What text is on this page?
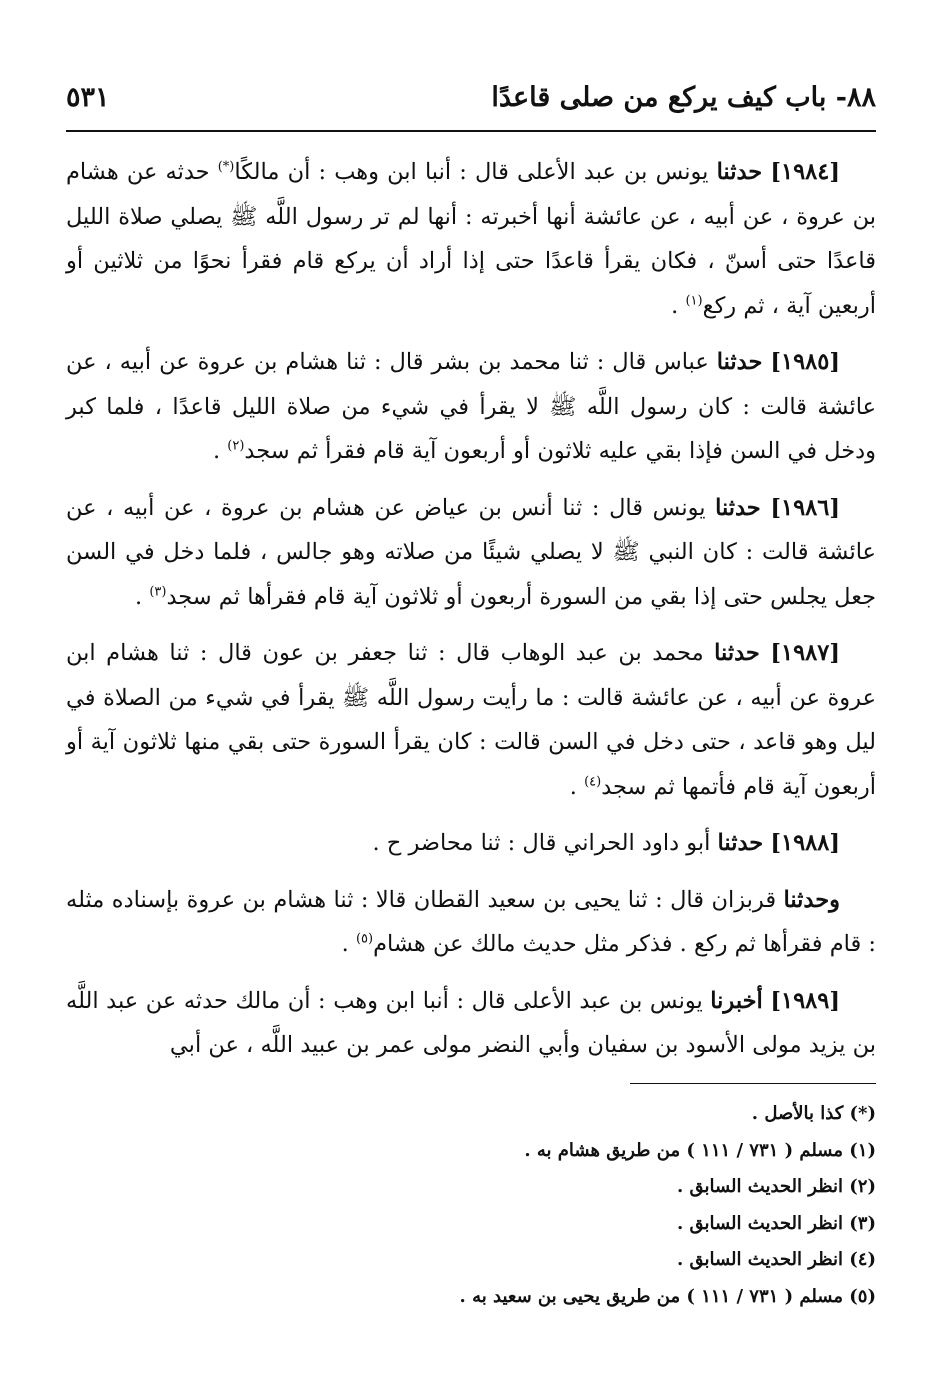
٨٨- باب كيف يركع من صلى قاعدًا
٥٣١

[١٩٨٤] حدثنا يونس بن عبد الأعلى قال : أنبا ابن وهب : أن مالكًا(*) حدثه عن هشام بن عروة ، عن أبيه ، عن عائشة أنها أخبرته : أنها لم تر رسول اللَّه ﷺ يصلي صلاة الليل قاعدًا حتى أسنّ ، فكان يقرأ قاعدًا حتى إذا أراد أن يركع قام فقرأ نحوًا من ثلاثين أو أربعين آية ، ثم ركع$^{(١)}$ .

[١٩٨٥] حدثنا عباس قال : ثنا محمد بن بشر قال : ثنا هشام بن عروة عن أبيه ، عن عائشة قالت : كان رسول اللَّه ﷺ لا يقرأ في شيء من صلاة الليل قاعدًا ، فلما كبر ودخل في السن فإذا بقي عليه ثلاثون أو أربعون آية قام فقرأ ثم سجد$^{(٢)}$ .

[١٩٨٦] حدثنا يونس قال : ثنا أنس بن عياض عن هشام بن عروة ، عن أبيه ، عن عائشة قالت : كان النبي ﷺ لا يصلي شيئًا من صلاته وهو جالس ، فلما دخل في السن جعل يجلس حتى إذا بقي من السورة أربعون أو ثلاثون آية قام فقرأها ثم سجد$^{(٣)}$ .

[١٩٨٧] حدثنا محمد بن عبد الوهاب قال : ثنا جعفر بن عون قال : ثنا هشام ابن عروة عن أبيه ، عن عائشة قالت : ما رأيت رسول اللَّه ﷺ يقرأ في شيء من الصلاة في ليل وهو قاعد ، حتى دخل في السن قالت : كان يقرأ السورة حتى بقي منها ثلاثون آية أو أربعون آية قام فأتمها ثم سجد$^{(٤)}$ .

[١٩٨٨] حدثنا أبو داود الحراني قال : ثنا محاضر ح .

وحدثنا قربزان قال : ثنا يحيى بن سعيد القطان قالا : ثنا هشام بن عروة بإسناده مثله : قام فقرأها ثم ركع . فذكر مثل حديث مالك عن هشام$^{(٥)}$ .

[١٩٨٩] أخبرنا يونس بن عبد الأعلى قال : أنبا ابن وهب : أن مالك حدثه عن عبد اللَّه بن يزيد مولى الأسود بن سفيان وأبي النضر مولى عمر بن عبيد اللَّه ، عن أبي

(*) كذا بالأصل .
(١) مسلم ( ٧٣١ / ١١١ ) من طريق هشام به .
(٢) انظر الحديث السابق .
(٣) انظر الحديث السابق .
(٤) انظر الحديث السابق .
(٥) مسلم ( ٧٣١ / ١١١ ) من طريق يحيى بن سعيد به .
